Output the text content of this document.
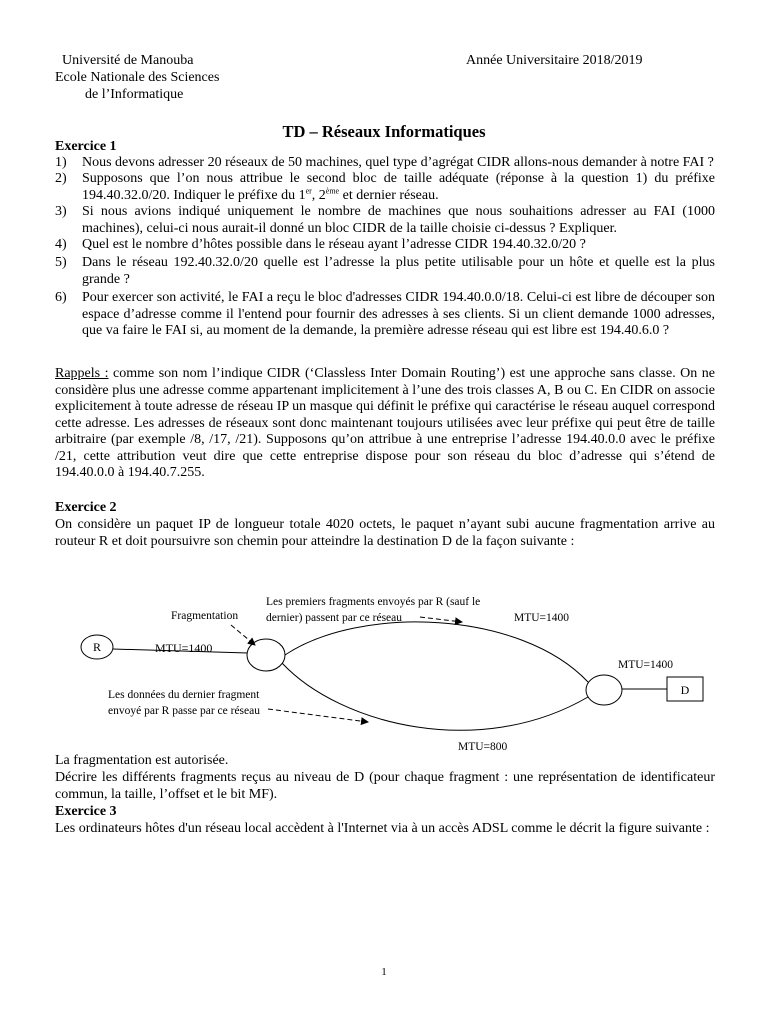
Université de Manouba
Ecole Nationale des Sciences
de l’Informatique
Année Universitaire 2018/2019
TD – Réseaux Informatiques
Exercice 1
1) Nous devons adresser 20 réseaux de 50 machines, quel type d’agrégat CIDR allons-nous demander à notre FAI ?
2) Supposons que l’on nous attribue le second bloc de taille adéquate (réponse à la question 1) du préfixe 194.40.32.0/20. Indiquer le préfixe du 1er, 2ème et dernier réseau.
3) Si nous avions indiqué uniquement le nombre de machines que nous souhaitions adresser au FAI (1000 machines), celui-ci nous aurait-il donné un bloc CIDR de la taille choisie ci-dessus ? Expliquer.
4) Quel est le nombre d’hôtes possible dans le réseau ayant l’adresse CIDR 194.40.32.0/20 ?
5) Dans le réseau 192.40.32.0/20 quelle est l’adresse la plus petite utilisable pour un hôte et quelle est la plus grande ?
6) Pour exercer son activité, le FAI a reçu le bloc d'adresses CIDR 194.40.0.0/18. Celui-ci est libre de découper son espace d’adresse comme il l'entend pour fournir des adresses à ses clients. Si un client demande 1000 adresses, que va faire le FAI si, au moment de la demande, la première adresse réseau qui est libre est 194.40.6.0 ?
Rappels : comme son nom l’indique CIDR (‘Classless Inter Domain Routing’) est une approche sans classe. On ne considère plus une adresse comme appartenant implicitement à l’une des trois classes A, B ou C. En CIDR on associe explicitement à toute adresse de réseau IP un masque qui définit le préfixe qui caractérise le réseau auquel correspond cette adresse. Les adresses de réseaux sont donc maintenant toujours utilisées avec leur préfixe qui peut être de taille arbitraire (par exemple /8, /17, /21). Supposons qu’on attribue à une entreprise l’adresse 194.40.0.0 avec le préfixe /21, cette attribution veut dire que cette entreprise dispose pour son réseau du bloc d’adresse qui s’étend de 194.40.0.0 à 194.40.7.255.
Exercice 2
On considère un paquet IP de longueur totale 4020 octets, le paquet n’ayant subi aucune fragmentation arrive au routeur R et doit poursuivre son chemin pour atteindre la destination D de la façon suivante :
R	MTU=1400
D
Fragmentation
Les premiers fragments envoyés par R (sauf le
dernier) passent par ce réseau	MTU=1400
MTU=1400
Les données du dernier fragment
envoyé par R passe par ce réseau
MTU=800
La fragmentation est autorisée.
Décrire les différents fragments reçus au niveau de D (pour chaque fragment : une représentation de identificateur commun, la taille, l’offset et le bit MF).
Exercice 3
Les ordinateurs hôtes d'un réseau local accèdent à l'Internet via à un accès ADSL comme le décrit la figure suivante :
1
